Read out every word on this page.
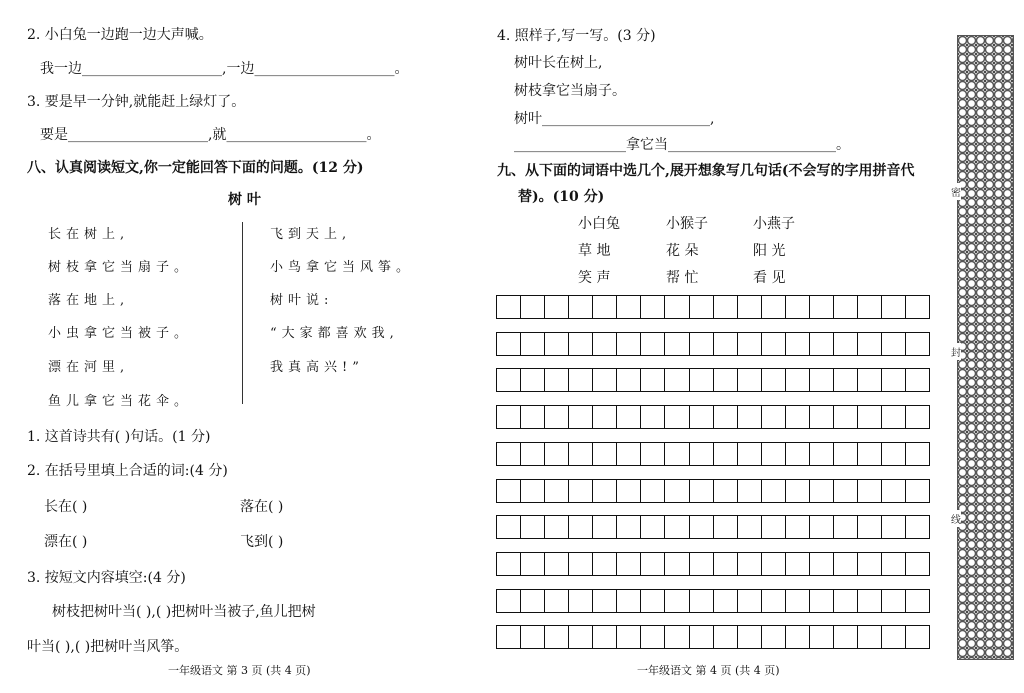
2. 小白兔一边跑一边大声喊。
我一边____________________,一边____________________。
3. 要是早一分钟,就能赶上绿灯了。
要是____________________,就____________________。
八、认真阅读短文,你一定能回答下面的问题。(12 分)
树 叶
长在树上,
树枝拿它当扇子。
落在地上,
小虫拿它当被子。
漂在河里,
鱼儿拿它当花伞。
飞到天上,
小鸟拿它当风筝。
树叶说:
“大家都喜欢我,
我真高兴!”
1. 这首诗共有( )句话。(1 分)
2. 在括号里填上合适的词:(4 分)
长在( )	落在( )
漂在( )	飞到( )
3. 按短文内容填空:(4 分)
树枝把树叶当( ),( )把树叶当被子,鱼儿把树
叶当( ),( )把树叶当风筝。
一年级语文 第 3 页 (共 4 页)
4. 照样子,写一写。(3 分)
树叶长在树上,
树枝拿它当扇子。
树叶________________________,
________________拿它当________________________。
九、从下面的词语中选几个,展开想象写几句话(不会写的字用拼音代
替)。(10 分)
小白兔	小猴子	小燕子
草 地	花 朵	阳 光
笑 声	帮 忙	看 见
一年级语文 第 4 页 (共 4 页)
密
封
线
